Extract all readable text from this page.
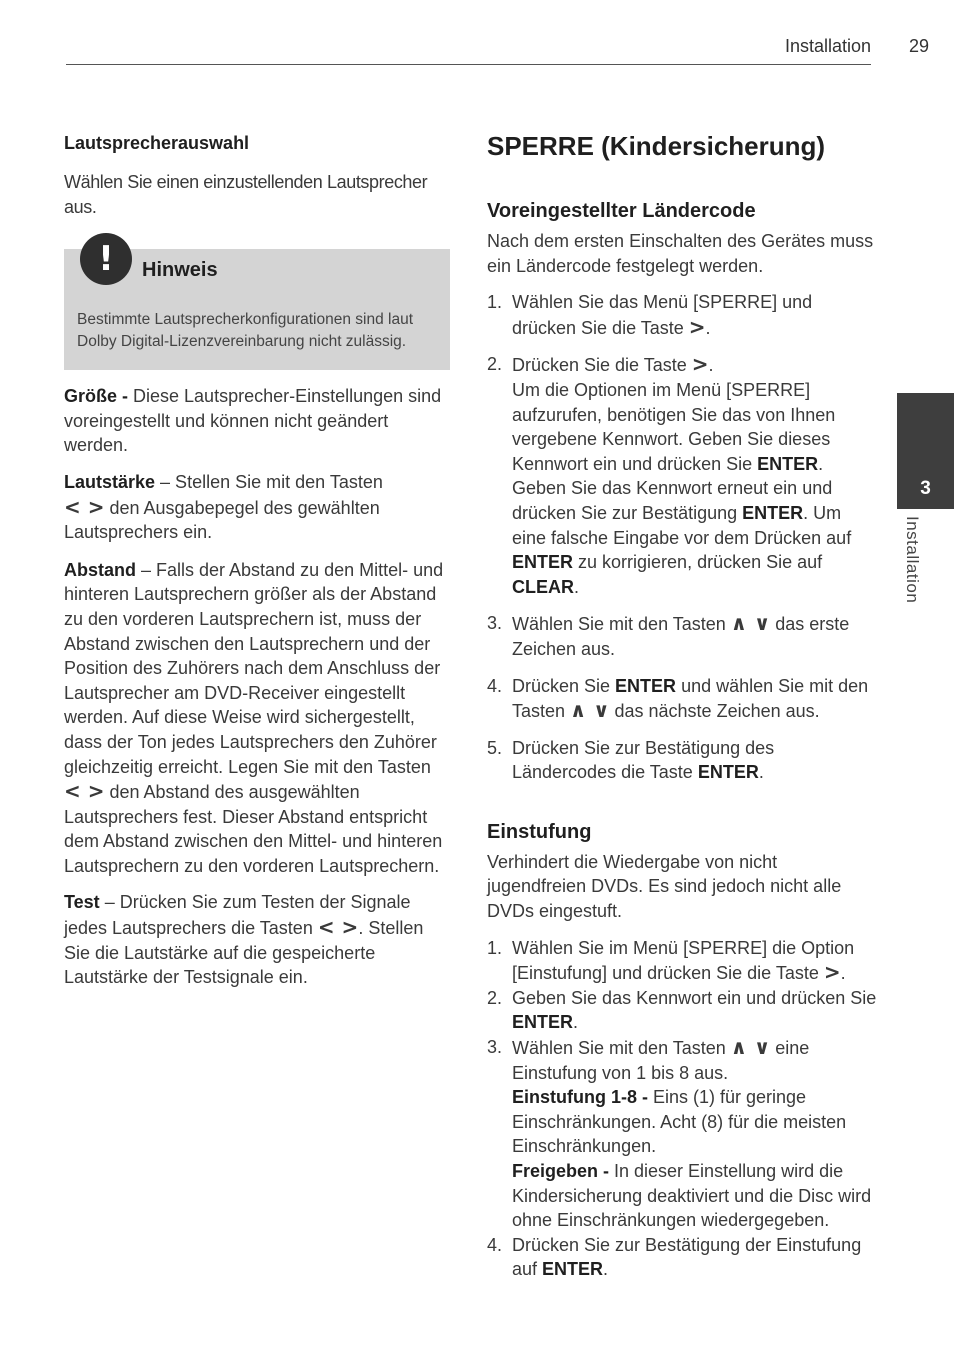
Installation 29
3
Installation

Lautsprecherauswahl

Wählen Sie einen einzustellenden Lautsprecher aus.

!	Hinweis
Bestimmte Lautsprecherkonfigurationen sind laut Dolby Digital-Lizenzvereinbarung nicht zulässig.

Größe - Diese Lautsprecher-Einstellungen sind voreingestellt und können nicht geändert werden.

Lautstärke – Stellen Sie mit den Tasten
< > den Ausgabepegel des gewählten Lautsprechers ein.

Abstand – Falls der Abstand zu den Mittel- und hinteren Lautsprechern größer als der Abstand zu den vorderen Lautsprechern ist, muss der Abstand zwischen den Lautsprechern und der Position des Zuhörers nach dem Anschluss der Lautsprecher am DVD-Receiver eingestellt werden. Auf diese Weise wird sichergestellt, dass der Ton jedes Lautsprechers den Zuhörer gleichzeitig erreicht. Legen Sie mit den Tasten < > den Abstand des ausgewählten Lautsprechers fest. Dieser Abstand entspricht dem Abstand zwischen den Mittel- und hinteren Lautsprechern zu den vorderen Lautsprechern.

Test – Drücken Sie zum Testen der Signale jedes Lautsprechers die Tasten < >. Stellen Sie die Lautstärke auf die gespeicherte Lautstärke der Testsignale ein.

SPERRE (Kindersicherung)
Voreingestellter Ländercode

Nach dem ersten Einschalten des Gerätes muss ein Ländercode festgelegt werden.

1. Wählen Sie das Menü [SPERRE] und drücken Sie die Taste >.
2. Drücken Sie die Taste >.
Um die Optionen im Menü [SPERRE] aufzurufen, benötigen Sie das von Ihnen vergebene Kennwort. Geben Sie dieses Kennwort ein und drücken Sie ENTER. Geben Sie das Kennwort erneut ein und drücken Sie zur Bestätigung ENTER. Um eine falsche Eingabe vor dem Drücken auf ENTER zu korrigieren, drücken Sie auf CLEAR.
3. Wählen Sie mit den Tasten ∧ ∨ das erste Zeichen aus.
4. Drücken Sie ENTER und wählen Sie mit den Tasten ∧ ∨ das nächste Zeichen aus.
5. Drücken Sie zur Bestätigung des Ländercodes die Taste ENTER.
Einstufung

Verhindert die Wiedergabe von nicht jugendfreien DVDs. Es sind jedoch nicht alle DVDs eingestuft.

1. Wählen Sie im Menü [SPERRE] die Option [Einstufung] und drücken Sie die Taste >.
2. Geben Sie das Kennwort ein und drücken Sie ENTER.
3. Wählen Sie mit den Tasten ∧ ∨ eine Einstufung von 1 bis 8 aus.
Einstufung 1-8 - Eins (1) für geringe Einschränkungen. Acht (8) für die meisten Einschränkungen.
Freigeben - In dieser Einstellung wird die Kindersicherung deaktiviert und die Disc wird ohne Einschränkungen wiedergegeben.
4. Drücken Sie zur Bestätigung der Einstufung auf ENTER.
